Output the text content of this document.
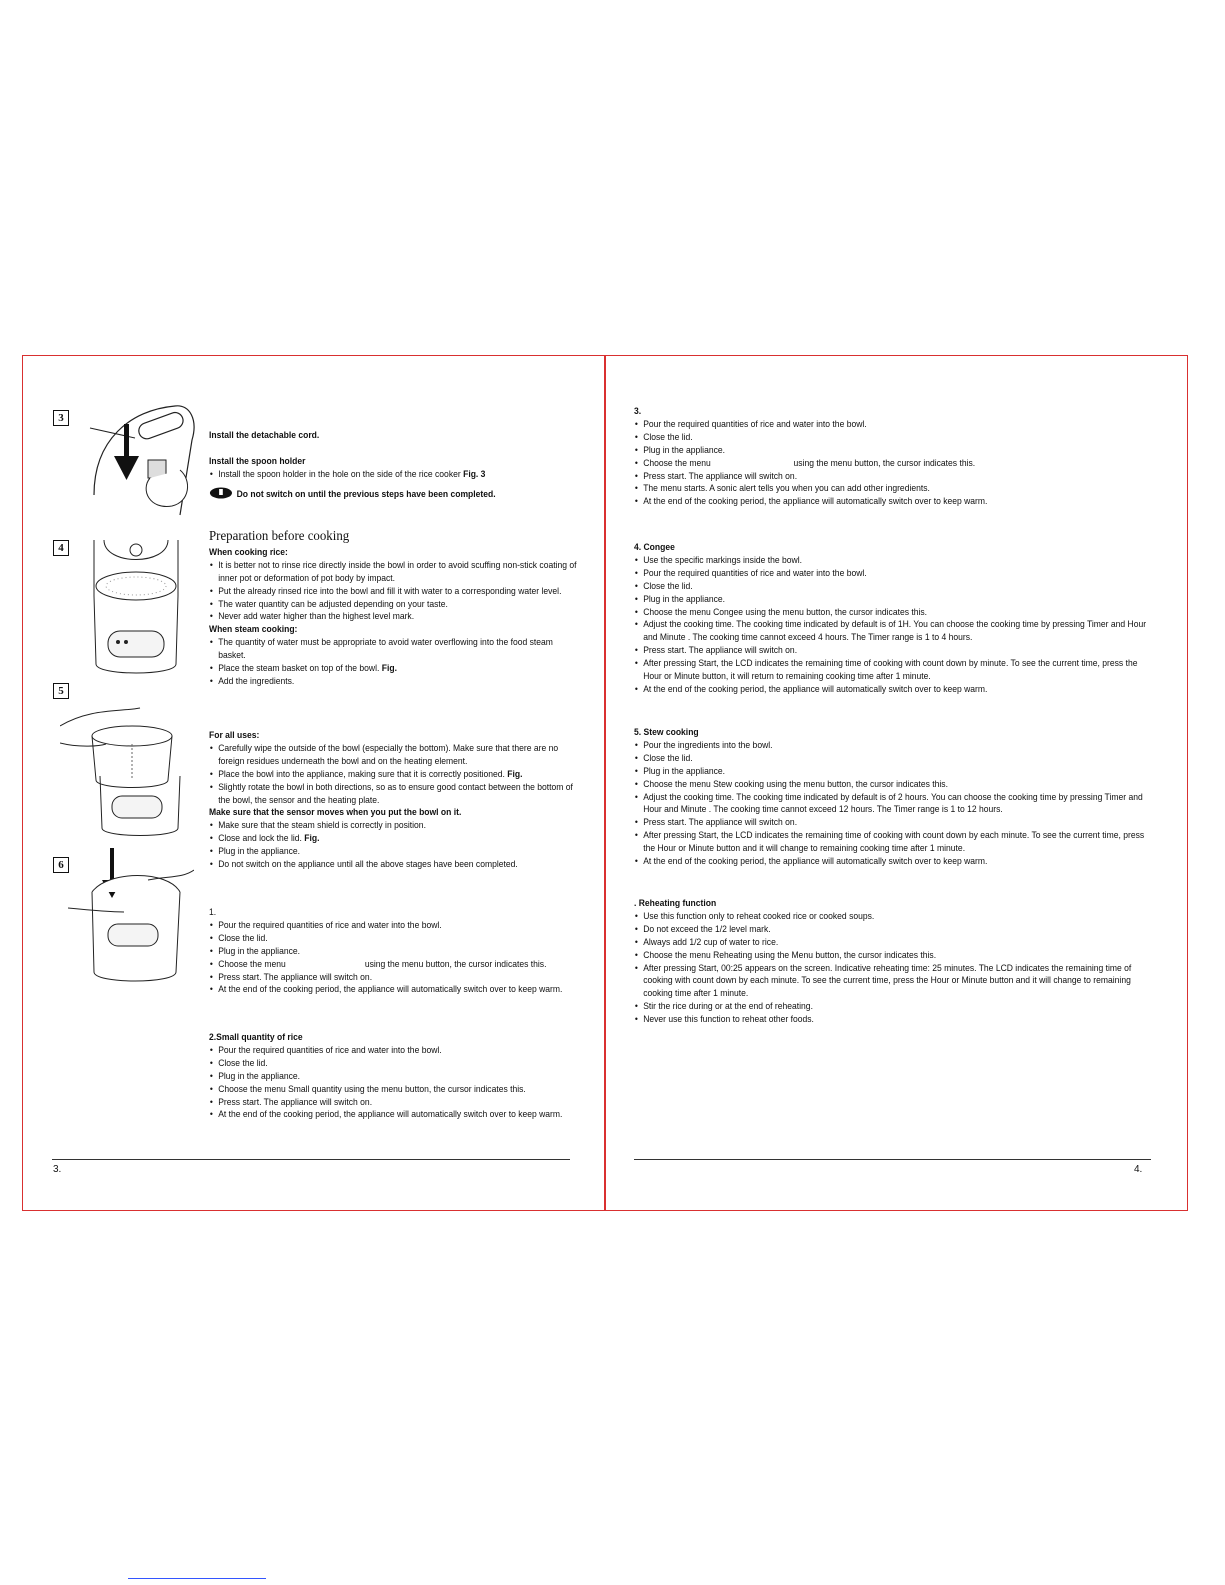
3
4
5
6
Install the detachable cord.
Install the spoon holder
• Install the spoon holder in the hole on the side of the rice cooker Fig. 3
Do not switch on until the previous steps have been completed.
Preparation before cooking
When cooking rice:
• It is better not to rinse rice directly inside the bowl in order to avoid scuffing non-stick coating of inner pot or deformation of pot body by impact.
• Put the already rinsed rice into the bowl and fill it with water to a corresponding water level.
• The water quantity can be adjusted depending on your taste.
• Never add water higher than the highest level mark.
When steam cooking:
• The quantity of water must be appropriate to avoid water overflowing into the food steam basket.
• Place the steam basket on top of the bowl. Fig.
• Add the ingredients.
For all uses:
• Carefully wipe the outside of the bowl (especially the bottom). Make sure that there are no foreign residues underneath the bowl and on the heating element.
• Place the bowl into the appliance, making sure that it is correctly positioned. Fig.
• Slightly rotate the bowl in both directions, so as to ensure good contact between the bottom of the bowl, the sensor and the heating plate.
Make sure that the sensor moves when you put the bowl on it.
• Make sure that the steam shield is correctly in position.
• Close and lock the lid. Fig.
• Plug in the appliance.
• Do not switch on the appliance until all the above stages have been completed.
1.
• Pour the required quantities of rice and water into the bowl.
• Close the lid.
• Plug in the appliance.
• Choose the menu	using the menu button, the cursor indicates this.
• Press start. The appliance will switch on.
• At the end of the cooking period, the appliance will automatically switch over to keep warm.
2.Small quantity of rice
• Pour the required quantities of rice and water into the bowl.
• Close the lid.
• Plug in the appliance.
• Choose the menu Small quantity using the menu button, the cursor indicates this.
• Press start. The appliance will switch on.
• At the end of the cooking period, the appliance will automatically switch over to keep warm.
3.
3.
• Pour the required quantities of rice and water into the bowl.
• Close the lid.
• Plug in the appliance.
• Choose the menu	using the menu button, the cursor indicates this.
• Press start. The appliance will switch on.
• The menu starts. A sonic alert tells you when you can add other ingredients.
• At the end of the cooking period, the appliance will automatically switch over to keep warm.
4. Congee
• Use the specific markings inside the bowl.
• Pour the required quantities of rice and water into the bowl.
• Close the lid.
• Plug in the appliance.
• Choose the menu Congee using the menu button, the cursor indicates this.
• Adjust the cooking time. The cooking time indicated by default is of 1H. You can choose the cooking time by pressing Timer and Hour and Minute . The cooking time cannot exceed 4 hours. The Timer range is 1 to 4 hours.
• Press start. The appliance will switch on.
• After pressing Start, the LCD indicates the remaining time of cooking with count down by minute. To see the current time, press the Hour or Minute button, it will return to remaining cooking time after 1 minute.
• At the end of the cooking period, the appliance will automatically switch over to keep warm.
5. Stew cooking
• Pour the ingredients into the bowl.
• Close the lid.
• Plug in the appliance.
• Choose the menu Stew cooking using the menu button, the cursor indicates this.
• Adjust the cooking time. The cooking time indicated by default is of 2 hours. You can choose the cooking time by pressing Timer and Hour and Minute . The cooking time cannot exceed 12 hours. The Timer range is 1 to 12 hours.
• Press start. The appliance will switch on.
• After pressing Start, the LCD indicates the remaining time of cooking with count down by each minute. To see the current time, press the Hour or Minute button and it will change to remaining cooking time after 1 minute.
• At the end of the cooking period, the appliance will automatically switch over to keep warm.
. Reheating function
• Use this function only to reheat cooked rice or cooked soups.
• Do not exceed the 1/2 level mark.
• Always add 1/2 cup of water to rice.
• Choose the menu Reheating using the Menu button, the cursor indicates this.
• After pressing Start, 00:25 appears on the screen. Indicative reheating time: 25 minutes. The LCD indicates the remaining time of cooking with count down by each minute. To see the current time, press the Hour or Minute button and it will change to remaining cooking time after 1 minute.
• Stir the rice during or at the end of reheating.
• Never use this function to reheat other foods.
4.
